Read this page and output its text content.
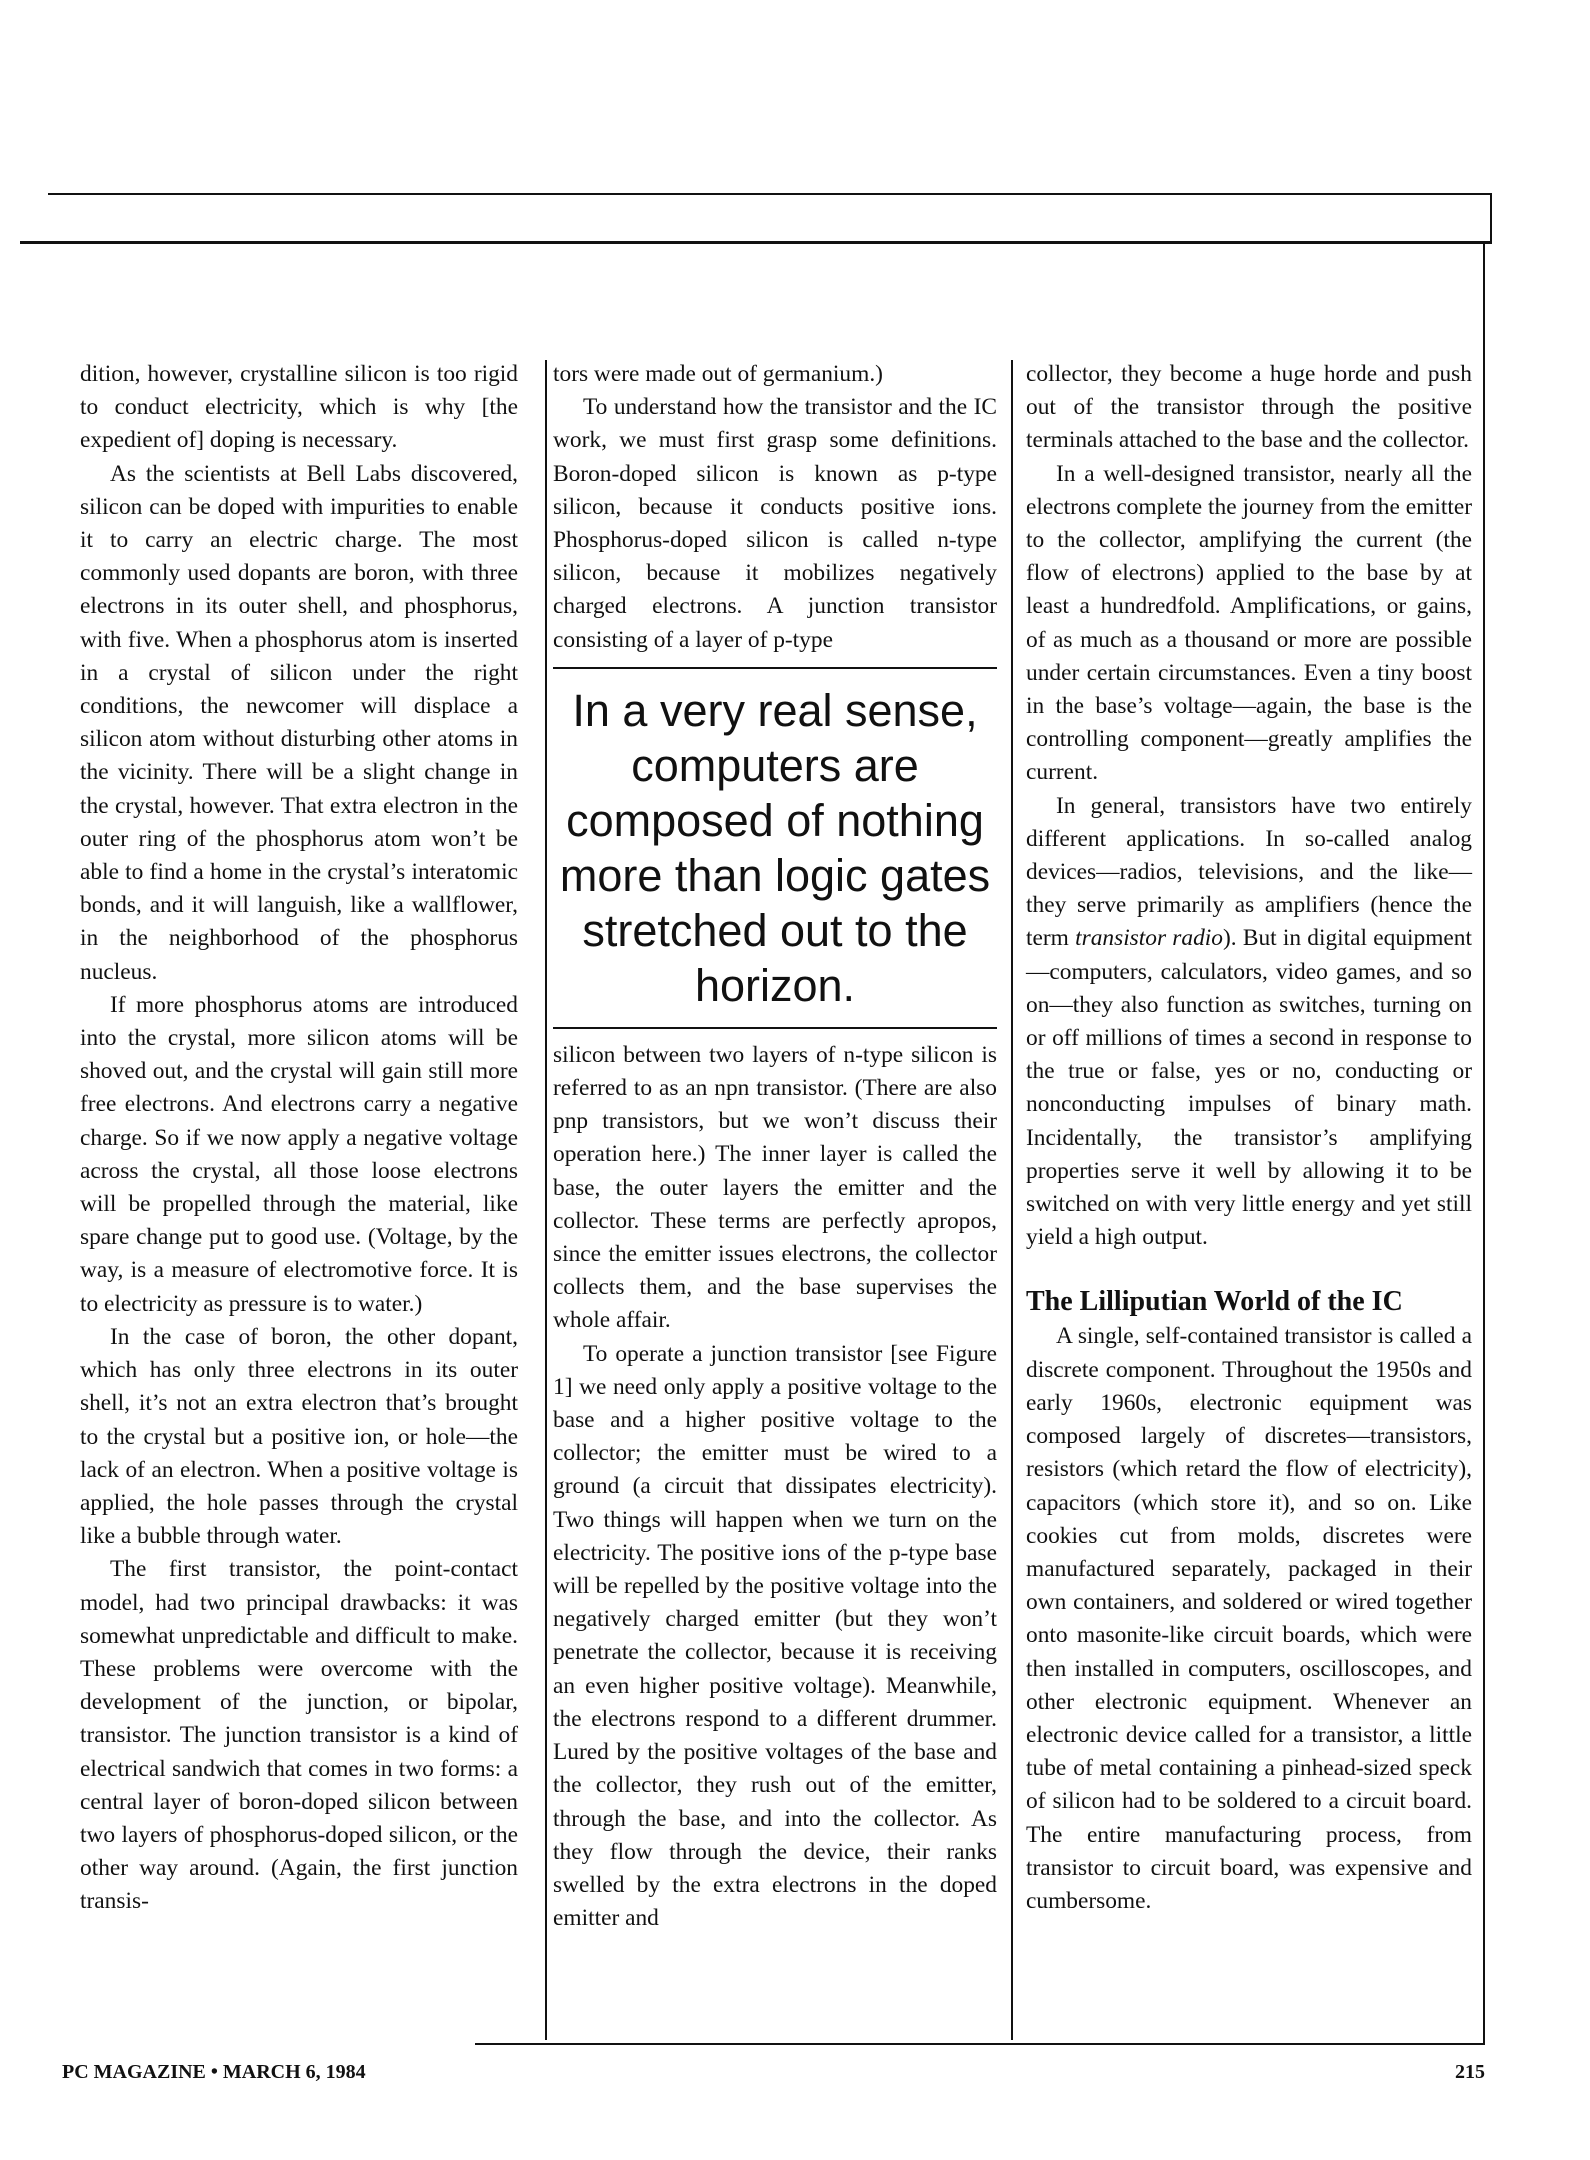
dition, however, crystalline silicon is too rigid to conduct electricity, which is why [the expedient of] doping is necessary.

As the scientists at Bell Labs discovered, silicon can be doped with impurities to enable it to carry an electric charge. The most commonly used dopants are boron, with three electrons in its outer shell, and phosphorus, with five. When a phosphorus atom is inserted in a crystal of silicon under the right conditions, the newcomer will displace a silicon atom without disturbing other atoms in the vicinity. There will be a slight change in the crystal, however. That extra electron in the outer ring of the phosphorus atom won’t be able to find a home in the crystal’s interatomic bonds, and it will languish, like a wallflower, in the neighborhood of the phosphorus nucleus.

If more phosphorus atoms are introduced into the crystal, more silicon atoms will be shoved out, and the crystal will gain still more free electrons. And electrons carry a negative charge. So if we now apply a negative voltage across the crystal, all those loose electrons will be propelled through the material, like spare change put to good use. (Voltage, by the way, is a measure of electromotive force. It is to electricity as pressure is to water.)

In the case of boron, the other dopant, which has only three electrons in its outer shell, it’s not an extra electron that’s brought to the crystal but a positive ion, or hole—the lack of an electron. When a positive voltage is applied, the hole passes through the crystal like a bubble through water.

The first transistor, the point-contact model, had two principal drawbacks: it was somewhat unpredictable and difficult to make. These problems were overcome with the development of the junction, or bipolar, transistor. The junction transistor is a kind of electrical sandwich that comes in two forms: a central layer of boron-doped silicon between two layers of phosphorus-doped silicon, or the other way around. (Again, the first junction transis-

tors were made out of germanium.)

To understand how the transistor and the IC work, we must first grasp some definitions. Boron-doped silicon is known as p-type silicon, because it conducts positive ions. Phosphorus-doped silicon is called n-type silicon, because it mobilizes negatively charged electrons. A junction transistor consisting of a layer of p-type

In a very real sense, computers are composed of nothing more than logic gates stretched out to the horizon.

silicon between two layers of n-type silicon is referred to as an npn transistor. (There are also pnp transistors, but we won’t discuss their operation here.) The inner layer is called the base, the outer layers the emitter and the collector. These terms are perfectly apropos, since the emitter issues electrons, the collector collects them, and the base supervises the whole affair.

To operate a junction transistor [see Figure 1] we need only apply a positive voltage to the base and a higher positive voltage to the collector; the emitter must be wired to a ground (a circuit that dissipates electricity). Two things will happen when we turn on the electricity. The positive ions of the p-type base will be repelled by the positive voltage into the negatively charged emitter (but they won’t penetrate the collector, because it is receiving an even higher positive voltage). Meanwhile, the electrons respond to a different drummer. Lured by the positive voltages of the base and the collector, they rush out of the emitter, through the base, and into the collector. As they flow through the device, their ranks swelled by the extra electrons in the doped emitter and

collector, they become a huge horde and push out of the transistor through the positive terminals attached to the base and the collector.

In a well-designed transistor, nearly all the electrons complete the journey from the emitter to the collector, amplifying the current (the flow of electrons) applied to the base by at least a hundredfold. Amplifications, or gains, of as much as a thousand or more are possible under certain circumstances. Even a tiny boost in the base’s voltage—again, the base is the controlling component—greatly amplifies the current.

In general, transistors have two entirely different applications. In so-called analog devices—radios, televisions, and the like—they serve primarily as amplifiers (hence the term transistor radio). But in digital equipment—computers, calculators, video games, and so on—they also function as switches, turning on or off millions of times a second in response to the true or false, yes or no, conducting or nonconducting impulses of binary math. Incidentally, the transistor’s amplifying properties serve it well by allowing it to be switched on with very little energy and yet still yield a high output.

The Lilliputian World of the IC

A single, self-contained transistor is called a discrete component. Throughout the 1950s and early 1960s, electronic equipment was composed largely of discretes—transistors, resistors (which retard the flow of electricity), capacitors (which store it), and so on. Like cookies cut from molds, discretes were manufactured separately, packaged in their own containers, and soldered or wired together onto masonite-like circuit boards, which were then installed in computers, oscilloscopes, and other electronic equipment. Whenever an electronic device called for a transistor, a little tube of metal containing a pinhead-sized speck of silicon had to be soldered to a circuit board. The entire manufacturing process, from transistor to circuit board, was expensive and cumbersome.

PC MAGAZINE • MARCH 6, 1984	215
